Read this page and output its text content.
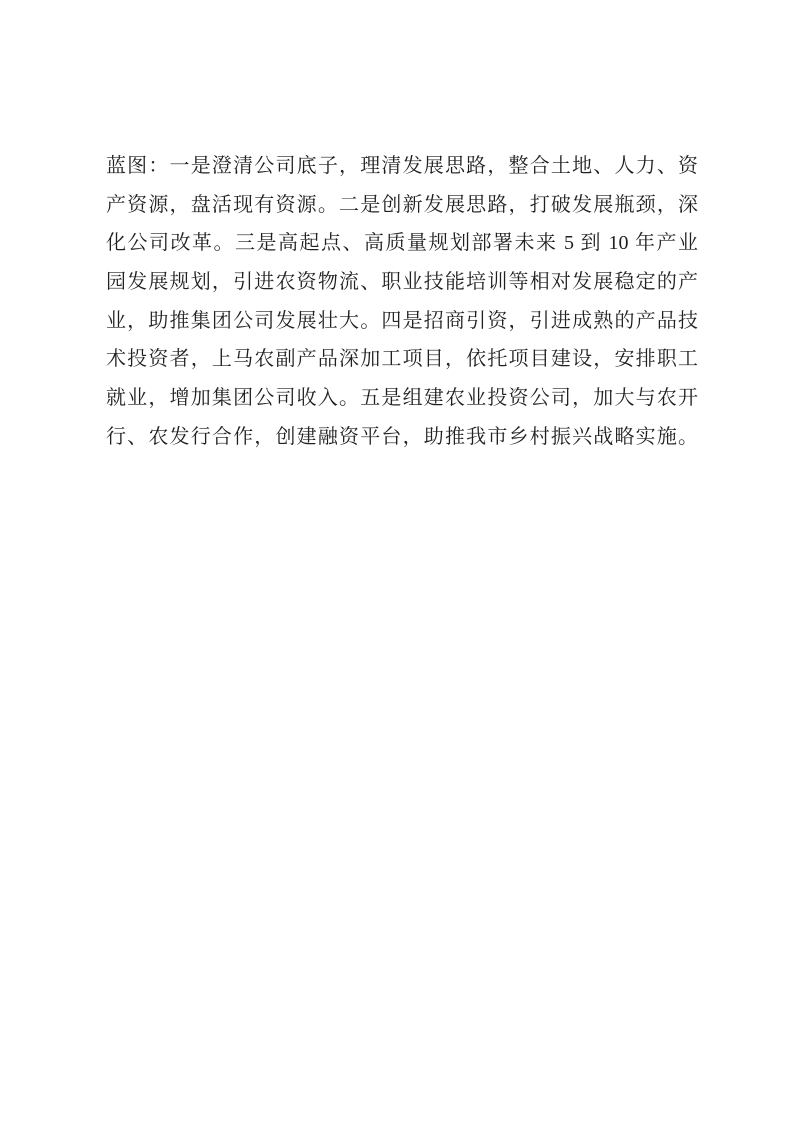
蓝图：一是澄清公司底子，理清发展思路，整合土地、人力、资
产资源，盘活现有资源。二是创新发展思路，打破发展瓶颈，深
化公司改革。三是高起点、高质量规划部署未来 5 到 10 年产业
园发展规划，引进农资物流、职业技能培训等相对发展稳定的产
业，助推集团公司发展壮大。四是招商引资，引进成熟的产品技
术投资者，上马农副产品深加工项目，依托项目建设，安排职工
就业，增加集团公司收入。五是组建农业投资公司，加大与农开
行、农发行合作，创建融资平台，助推我市乡村振兴战略实施。
